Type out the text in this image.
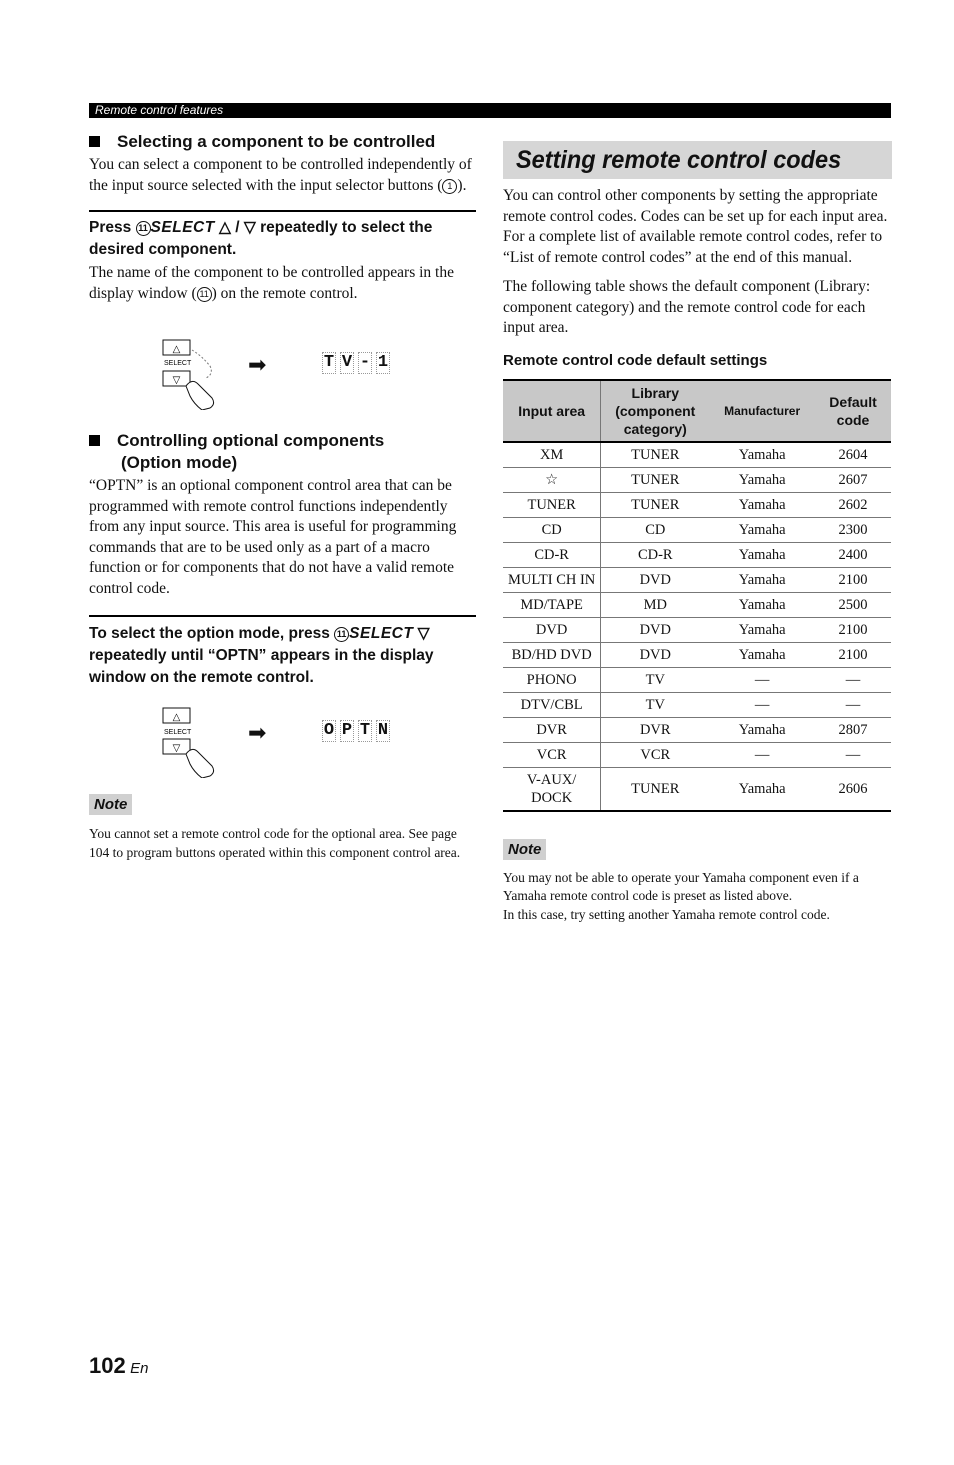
Remote control features
Selecting a component to be controlled

You can select a component to be controlled independently of the input source selected with the input selector buttons ( 1 ).

Press 11 SELECT △ / ▽ repeatedly to select the desired component.

The name of the component to be controlled appears in the display window ( 11 ) on the remote control.

△
SELECT
▽
➡	T V - 1
Controlling optional components
(Option mode)

“OPTN” is an optional component control area that can be programmed with remote control functions independently from any input source. This area is useful for programming commands that are to be used only as a part of a macro function or for components that do not have a valid remote control code.

To select the option mode, press 11 SELECT ▽
repeatedly until “OPTN” appears in the display window on the remote control.
△
SELECT
▽
➡	O P T N
Note

You cannot set a remote control code for the optional area. See page 104 to program buttons operated within this component control area.

Setting remote control codes

You can control other components by setting the appropriate remote control codes. Codes can be set up for each input area. For a complete list of available remote control codes, refer to “List of remote control codes” at the end of this manual.

The following table shows the default component (Library: component category) and the remote control code for each input area.

Remote control code default settings
Input area	Library (component category)	Manufacturer	Default code
XM	TUNER	Yamaha	2604
☆	TUNER	Yamaha	2607
TUNER	TUNER	Yamaha	2602
CD	CD	Yamaha	2300
CD-R	CD-R	Yamaha	2400
MULTI CH IN	DVD	Yamaha	2100
MD/TAPE	MD	Yamaha	2500
DVD	DVD	Yamaha	2100
BD/HD DVD	DVD	Yamaha	2100
PHONO	TV	—	—
DTV/CBL	TV	—	—
DVR	DVR	Yamaha	2807
VCR	VCR	—	—
V-AUX/ DOCK	TUNER	Yamaha	2606
Note

You may not be able to operate your Yamaha component even if a Yamaha remote control code is preset as listed above.

In this case, try setting another Yamaha remote control code.

102 En
